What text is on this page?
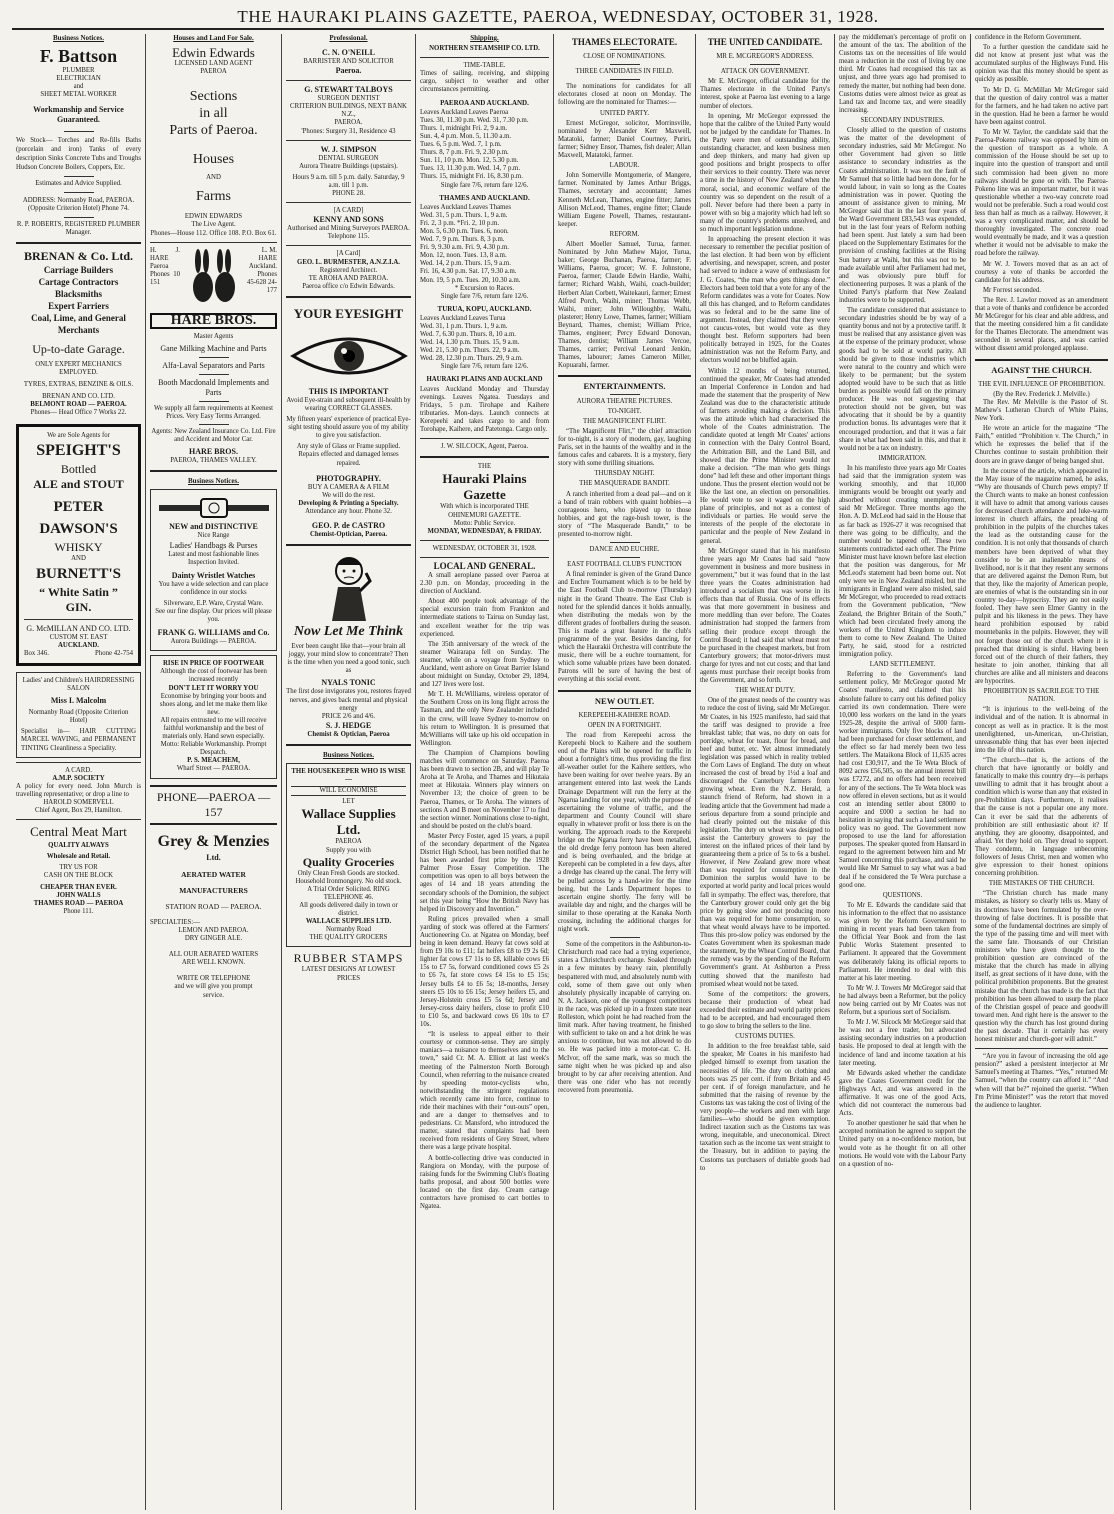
THE HAURAKI PLAINS GAZETTE, PAEROA, WEDNESDAY, OCTOBER 31, 1928.
Business Notices.
F. Battson
PLUMBER
ELECTRICIAN
and
SHEET METAL WORKER
Workmanship and Service Guaranteed.
We Stock— Torches and Re-fills Baths (porcelain and iron) Tanks of every description Sinks Concrete Tubs and Troughs Hudson Concrete Boilers, Coppers, Etc.
Estimates and Advice Supplied.
ADDRESS: Normanby Road, PAEROA. (Opposite Criterion Hotel) Phone 74.
R. P. ROBERTS, REGISTERED PLUMBER Manager.
BRENAN & Co. Ltd.
Carriage Builders
Cartage Contractors
Blacksmiths
Expert Farriers
Coal, Lime, and General Merchants
Up-to-date Garage.
ONLY EXPERT MECHANICS EMPLOYED.
TYRES, EXTRAS, BENZINE & OILS.
BRENAN AND CO. LTD.
BELMONT ROAD — PAEROA.
Phones— Head Office 7 Works 22.
We are Sole Agents for
SPEIGHT'S
Bottled
ALE and STOUT
PETER
DAWSON'S
WHISKY
AND
BURNETT'S
“ White Satin ”
GIN.
G. McMILLAN AND CO. LTD.
CUSTOM ST. EAST
AUCKLAND.
Box 346.	Phone 42-754
Ladies' and Children's HAIRDRESSING SALON
Miss I. Malcolm
Normanby Road (Opposite Criterion Hotel)
Specialist in— HAIR CUTTING MARCEL WAVING, and PERMANENT TINTING Cleanliness a Speciality.
A CARD.
A.M.P. SOCIETY
A policy for every need. John Murch is travelling representative; or drop a line to
HAROLD SOMERVELL
Chief Agent, Box 29, Hamilton.
Central Meat Mart
QUALITY ALWAYS
Wholesale and Retail.
TRY US FOR
CASH ON THE BLOCK
CHEAPER THAN EVER.
JOHN WALLS
THAMES ROAD — PAEROA
Phone 111.
Houses and Land For Sale.
Edwin Edwards
LICENSED LAND AGENT
PAEROA
Sections
in all
Parts of Paeroa.
Houses
AND
Farms
EDWIN EDWARDS
The Live Agent.
Phones—House 112. Office 108. P.O. Box 61.
H. J. HARE Paeroa Phones 10 151
L. M. HARE Auckland. Phones 45-628 24-177
HARE BROS.
Master Agents
Gane Milking Machine and Parts
Alfa-Laval Separators and Parts
Booth Macdonald Implements and Parts
We supply all farm requirements at Keenest Prices. Very Easy Terms Arranged.
Agents: New Zealand Insurance Co. Ltd. Fire and Accident and Motor Car.
HARE BROS.
PAEROA, THAMES VALLEY.
Business Notices.
NEW and DISTINCTIVE
Nice Range
Ladies' Handbags & Purses
Latest and most fashionable lines Inspection Invited.
Dainty Wristlet Watches
You have a wide selection and can place confidence in our stocks
Silverware, E.P. Ware, Crystal Ware.
See our fine display. Our prices will please you.
FRANK G. WILLIAMS and Co.
Aurora Buildings — PAEROA.
RISE IN PRICE OF FOOTWEAR
Although the cost of footwear has been increased recently
DON'T LET IT WORRY YOU
Economise by bringing your boots and shoes along, and let me make them like new.
All repairs entrusted to me will receive faithful workmanship and the best of materials only. Hand sewn especially.
Motto: Reliable Workmanship. Prompt Despatch.
P. S. MEACHEM,
Wharf Street — PAEROA.
PHONE—PAEROA —157
Grey & Menzies
Ltd.
AERATED WATER
MANUFACTURERS
STATION ROAD — PAEROA.
SPECIALTIES:—
LEMON AND PAEROA.
DRY GINGER ALE.
ALL OUR AERATED WATERS
ARE WELL KNOWN.
WRITE OR TELEPHONE
and we will give you prompt
service.
Professional.
C. N. O'NEILL
BARRISTER AND SOLICITOR
Paeroa.
G. STEWART TALBOYS
SURGEON DENTIST
CRITERION BUILDINGS, NEXT BANK N.Z.,
PAEROA.
'Phones: Surgery 31, Residence 43
W. J. SIMPSON
DENTAL SURGEON
Aurora Theatre Buildings (upstairs).
Hours 9 a.m. till 5 p.m. daily. Saturday, 9 a.m. till 1 p.m.
PHONE 28.
[A CARD]
KENNY AND SONS
Authorised and Mining Surveyors PAEROA.
Telephone 115.
[A Card]
GEO. L. BURMESTER, A.N.Z.I.A.
Registered Architect.
TE AROHA AND PAEROA.
Paeroa office c/o Edwin Edwards.
YOUR EYESIGHT
THIS IS IMPORTANT
Avoid Eye-strain and subsequent ill-health by wearing CORRECT GLASSES.
My fifteen years' experience of practical Eye-sight testing should assure you of my ability to give you satisfaction.
Any style of Glass or Frame supplied.
Repairs effected and damaged lenses repaired.
PHOTOGRAPHY.
BUY A CAMERA & A FILM
We will do the rest.
Developing & Printing a Specialty.
Attendance any hour. Phone 32.
GEO. P. de CASTRO
Chemist-Optician, Paeroa.
Now Let Me Think
Ever been caught like that—your brain all joggy, your mind slow to concentrate? Then is the time when you need a good tonic, such as
NYALS TONIC
The first dose invigorates you, restores frayed nerves, and gives back mental and physical energy
PRICE 2/6 and 4/6.
S. J. HEDGE
Chemist & Optician, Paeroa
Business Notices.
THE HOUSEKEEPER WHO IS WISE—
WILL ECONOMISE
LET
Wallace Supplies Ltd.
PAEROA
Supply you with
Quality Groceries
Only Clean Fresh Goods are stocked.
Household Ironmongery. No old stock.
A Trial Order Solicited. RING TELEPHONE 46.
All goods delivered daily in town or district.
WALLACE SUPPLIES LTD.
Normanby Road
THE QUALITY GROCERS
RUBBER STAMPS
LATEST DESIGNS AT LOWEST
PRICES
Shipping.
NORTHERN STEAMSHIP CO. LTD.
TIME-TABLE.
Times of sailing, receiving, and shipping cargo, subject to weather and other circumstances permitting.
PAEROA AND AUCKLAND.
Leaves Auckland Leaves Paeroa
Tues. 30, 11.30 p.m. Wed. 31, 7.30 p.m.
Thurs. 1, midnight Fri. 2, 9 a.m.
Sun. 4, 4 p.m. Mon. 5, 11.30 a.m.
Tues. 6, 5 p.m. Wed. 7, 1 p.m.
Thurs. 8, 7 p.m. Fri. 9, 2.30 p.m.
Sun. 11, 10 p.m. Mon. 12, 5.30 p.m.
Tues. 13, 11.30 p.m. Wed. 14, 7 p.m.
Thurs. 15, midnight Fri. 16, 8.30 p.m.
Single fare 7/6, return fare 12/6.
THAMES AND AUCKLAND.
Leaves Auckland Leaves Thames
Wed. 31, 5 p.m. Thurs. 1, 9 a.m.
Fri. 2, 3 p.m. *Fri. 2, 10 p.m.
Mon. 5, 6.30 p.m. Tues. 6, noon.
Wed. 7, 9 p.m. Thurs. 8, 3 p.m.
Fri. 9, 9.30 a.m. Fri. 9, 4.30 p.m.
Mon. 12, noon. Tues. 13, 8 a.m.
Wed. 14, 2 p.m. Thurs. 15, 9 a.m.
Fri. 16, 4.30 p.m. Sat. 17, 9.30 a.m.
Mon. 19, 5 p.m. Tues. 20, 10.30 a.m.
* Excursion to Races.
Single fare 7/6, return fare 12/6.
TURUA, KOPU, AUCKLAND.
Leaves Auckland Leaves Turua
Wed. 31, 1 p.m. Thurs. 1, 9 a.m.
Wed. 7, 6.30 p.m. Thurs. 8, 10 a.m.
Wed. 14, 1.30 p.m. Thurs. 15, 9 a.m.
Wed. 21, 5.30 p.m. Thurs. 22, 9 a.m.
Wed. 28, 12.30 p.m. Thurs. 29, 9 a.m.
Single fare 7/6, return fare 12/6.
HAURAKI PLAINS AND AUCKLAND
Leaves Auckland Monday and Thursday evenings. Leaves Ngatea. Tuesdays and Fridays, 5 p.m. Tirohape and Kaihere tributaries. Mon-days. Launch connects at Kerepeehi and takes cargo to and from Torohape, Kaihere, and Patetonga. Cargo only.
J. W. SILCOCK, Agent, Paeroa.
THE
Hauraki Plains Gazette
With which is incorporated THE OHINEMURI GAZETTE.
Motto: Public Service.
MONDAY, WEDNESDAY, & FRIDAY.
WEDNESDAY, OCTOBER 31, 1928.
LOCAL AND GENERAL.

A small aeroplane passed over Paeroa at 2.30 p.m. on Monday, proceeding in the direction of Auckland.

About 400 people took advantage of the special excursion train from Frankton and intermediate stations to Tairua on Sunday last, and excellent weather for the trip was experienced.

The 35th anniversary of the wreck of the steamer Wairarapa fell on Sunday. The steamer, while on a voyage from Sydney to Auckland, went ashore on Great Barrier Island about midnight on Sunday, October 29, 1894, and 127 lives were lost.

Mr T. H. McWilliams, wireless operator of the Southern Cross on its long flight across the Tasman, and the only New Zealander included in the crew, will leave Sydney to-morrow on his return to Wellington. It is presumed that McWilliams will take up his old occupation in Wellington.

The Champion of Champions bowling matches will commence on Saturday. Paeroa has been drawn to section 2B, and will play Te Aroha at Te Aroha, and Thames and Hikutaia meet at Hikutaia. Winners play winners on November 13; the choice of green to be Paeroa, Thames, or Te Aroha. The winners of sections A and B meet on November 17 to find the section winner. Nominations close to-night, and should be posted on the club's board.

Master Percy Foster, aged 15 years, a pupil of the secondary department of the Ngatea District High School, has been notified that he has been awarded first prize by the 1928 Palmer Prose Essay Competition. The competition was open to all boys between the ages of 14 and 18 years attending the secondary schools of the Dominion, the subject set this year being “How the British Navy has helped in Discovery and Invention.”

Ruling prices prevailed when a small yarding of stock was offered at the Farmers' Auctioneering Co. at Ngatea on Monday, beef being in keen demand. Heavy fat cows sold at from £9 10s to £11; fat heifers £8 to £9 2s 6d; lighter fat cows £7 11s to £8, killable cows £6 15s to £7 5s, forward conditioned cows £5 2s to £6 7s, fat store cows £4 15s to £5 15s; Jersey bulls £4 to £6 5s; 18-months, Jersey steers £5 10s to £6 15s; Jersey heifers £5, and Jersey-Holstein cross £5 5s 6d; Jersey and Jersey-cross dairy heifers, close to profit £10 to £10 5s, and backward cows £6 10s to £7 10s.

“It is useless to appeal either to their courtesy or common-sense. They are simply maniacs—a nuisance to themselves and to the town,” said Cr. M. A. Elliott at last week's meeting of the Palmerston North Borough Council, when referring to the nuisance created by speeding motor-cyclists who, notwithstanding the stringent regulations which recently came into force, continue to ride their machines with their “out-outs” open, and are a danger to themselves and to pedestrians. Cr. Mansford, who introduced the matter, stated that complaints had been received from residents of Grey Street, where there was a large private hospital.

A bottle-collecting drive was conducted in Rangiora on Monday, with the purpose of raising funds for the Swimming Club's floating baths proposal, and about 500 bottles were located on the first day. Cream cartage contractors have promised to cart bottles to Ngatea.

THAMES ELECTORATE.
CLOSE OF NOMINATIONS.
THREE CANDIDATES IN FIELD.

The nominations for candidates for all electorates closed at noon on Monday. The following are the nominated for Thames:—

UNITED PARTY.

Ernest McGregor, solicitor, Morrinsville, nominated by Alexander Kerr Maxwell, Matatoki, farmer; Daniel Courtney, Puriri, farmer; Sidney Ensor, Thames, fish dealer; Allan Maxwell, Matatoki, farmer.

LABOUR.

John Somerville Montgomerie, of Mangere, farmer. Nominated by James Arthur Briggs, Thames, secretary and accountant; James Kenneth McLean, Thames, engine fitter; James Allison McLeod, Thames, engine fitter; Claude William Eugene Powell, Thames, restaurant-keeper.

REFORM.

Albert Moeller Samuel, Turua, farmer. Nominated by John Mathew Major, Turua, baker; George Buchanan, Paeroa, farmer; F. Williams, Paeroa, grocer; W. F. Johnstone, Paeroa, farmer; Claude Edwin Hardie, Waihi, farmer; Richard Walsh, Waihi, coach-builder; Herbert Alan Corbett, Waitekauri, farmer; Ernest Alfred Porch, Waihi, miner; Thomas Webb, Waihi, miner; John Willoughby, Waihi, plasterer; Henry Lowe, Thames, farmer; William Beynard, Thames, chemist; William Price, Thames, engineer; Percy Edward Donovan, Thames, dentist; William James Vercoe, Thames, carrier; Percival Leonard Jenkin, Thames, labourer; James Cameron Miller, Kopuarahi, farmer.

ENTERTAINMENTS.
AURORA THEATRE PICTURES.
TO-NIGHT.
THE MAGNIFICENT FLIRT.

“The Magnificent Flirt,” the chief attraction for to-night, is a story of modern, gay, laughing Paris, set in the haunts of the wealthy and in the famous cafes and cabarets. It is a mystery, fiery story with some thrilling situations.

THURSDAY NIGHT.
THE MASQUERADE BANDIT.

A ranch inherited from a dead pal—and on it a band of train robbers with quaint hobbies—a courageous hero, who played up to those hobbies, and got the rage-bush tower, is the story of “The Masquerade Bandit,” to be presented to-morrow night.

DANCE AND EUCHRE.
EAST FOOTBALL CLUB'S FUNCTION

A final reminder is given of the Grand Dance and Euchre Tournament which is to be held by the East Football Club to-morrow (Thursday) night in the Grand Theatre. The East Club is noted for the splendid dances it holds annually, when distributing the medals won by the different grades of footballers during the season. This is made a great feature in the club's programme of the year. Besides dancing, for which the Haurakii Orchestra will contribute the music, there will be a euchre tournament, for which some valuable prizes have been donated. Patrons will be sure of having the best of everything at this social event.

NEW OUTLET.
KEREPEEHI-KAIHERE ROAD.
OPEN IN A FORTNIGHT.

The road from Kerepeehi across the Kerepeehi block to Kaihere and the southern end of the Plains will be opened for traffic in about a fortnight's time, thus providing the first all-weather outlet for the Kaihere settlers, who have been waiting for over twelve years. By an arrangement entered into last week the Lands Drainage Department will run the ferry at the Ngarua landing for one year, with the purpose of ascertaining the volume of traffic, and the department and County Council will share equally in whatever profit or loss there is on the working. The approach roads to the Kerepeehi bridge on the Ngarua ferry have been metalled, the old dredge ferry pontoon has been altered and is being overhauled, and the bridge at Kerepeehi can be completed in a few days, after a dredge has cleared up the canal. The ferry will be pulled across by a hand-wire for the time being, but the Lands Department hopes to ascertain engine shortly. The ferry will be available day and night, and the charges will be similar to those operating at the Kanaka North crossing, including the additional charges for night work.

Some of the competitors in the Ashburton-to-Christchurch road race had a trying experience, states a Christchurch exchange. Soaked through in a few minutes by heavy rain, plentifully bespattered with mud, and absolutely numb with cold, some of them gave out only when absolutely physically incapable of carrying on. N. A. Jackson, one of the youngest competitors in the race, was picked up in a frozen state near Rolleston, which point he had reached from the limit mark. After having treatment, he finished with sufficient to take on and a hot drink he was anxious to continue, but was not allowed to do so. He was packed into a motor-car. C. H. McIvor, off the same mark, was so much the same night when he was picked up and also brought to by car after receiving attention. And there was one rider who has not recently recovered from pneumonia.

THE UNITED CANDIDATE.
MR E. MCGREGOR'S ADDRESS.
ATTACK ON GOVERNMENT.

Mr E. McGregor, official candidate for the Thames electorate in the United Party's interest, spoke at Paeroa last evening to a large number of electors.

In opening, Mr McGregor expressed the hope that the calibre of the United Party would not be judged by the candidate for Thames. In the Party were men of outstanding ability, outstanding character, and keen business men and deep thinkers, and many had given up good positions and bright prospects to offer their services to their country. There was never a time in the history of New Zealand when the moral, social, and economic welfare of the country was so dependent on the result of a poll. Never before had there been a party in power with so big a majority which had left so many of the country's problems unsolved, and so much important legislation undone.

In approaching the present election it was necessary to remember the peculiar position of the last election. It had been won by efficient advertising, and newspaper, screen, and poster had served to induce a wave of enthusiasm for J. G. Coates, “the man who gets things done.” Electors had been told that a vote for any of the Reform candidates was a vote for Coates. Now all this has changed, and to Reform candidates was so federal and to be the same line of argument. Instead, they claimed that they were not caucus-votes, but would vote as they thought best. Reform supporters had been politically betrayed in 1925, for the Coates administration was not the Reform Party, and electors would not be bluffed again.

Within 12 months of being returned, continued the speaker, Mr Coates had attended an Imperial Conference in London and had made the statement that the prosperity of New Zealand was due to the characteristic attitude of farmers avoiding making a decision. This was the attitude which had characterised the whole of the Coates administration. The candidate quoted at length Mr Coates' actions in connection with the Dairy Control Board, the Arbitration Bill, and the Land Bill, and showed that the Prime Minister would not make a decision. “The man who gets things done” had left these and other important things undone. Thus the present election would not be like the last one, an election on personalities. He would vote to see it waged on the high plane of principles, and not as a contest of individuals or parties. He would serve the interests of the people of the electorate in particular and the people of New Zealand in general.

Mr McGregor stated that in his manifesto three years ago Mr Coates had said “now government in business and more business in government,” but it was found that in the last three years the Coates administration had introduced a socialism that was worse in its effects than that of Russia. One of its effects was that more government in business and more meddling than ever before. The Coates administration had stopped the farmers from selling their produce except through the Control Board; it had said that wheat must not be purchased in the cheapest markets, but from Canterbury growers; that motor-drivers must charge for tyres and not cut costs; and that land agents must purchase their receipt books from the Government, and so forth.

THE WHEAT DUTY.

One of the greatest needs of the country was to reduce the cost of living, said Mr McGregor. Mr Coates, in his 1925 manifesto, had said that the tariff was designed to provide a free breakfast table; that was, no duty on oats for porridge, wheat for toast, flour for bread, and beef and butter, etc. Yet almost immediately legislation was passed which in reality trebled the Corn Laws of England. The duty on wheat increased the cost of bread by 1½d a loaf and discouraged the Canterbury farmers from growing wheat. Even the N.Z. Herald, a staunch friend of Reform, had shown in a leading article that the Government had made a serious departure from a sound principle and had clearly pointed out the mistake of this legislation. The duty on wheat was designed to assist the Canterbury growers to pay the interest on the inflated prices of their land by guaranteeing them a price of 5s to 6s a bushel. However, if New Zealand grew more wheat than was required for consumption in the Dominion the surplus would have to be exported at world parity and local prices would fall in sympathy. The effect was, therefore, that the Canterbury grower could only get the big price by going slow and not producing more than was required for home consumption, so that wheat would always have to be imported. Thus this pro-slow policy was endorsed by the Coates Government when its spokesman made the statement, by the Wheat Control Board, that the remedy was by the spending of the Reform Government's grant. At Ashburton a Press cutting showed that the manifesto had promised wheat would not be taxed.

Some of the competitors: the growers, because their production of wheat had exceeded their estimate and world parity prices had to be accepted, and had encouraged them to go slow to bring the sellers to the line.

CUSTOMS DUTIES.

In addition to the free breakfast table, said the speaker, Mr Coates in his manifesto had pledged himself to exempt from taxation the necessities of life. The duty on clothing and boots was 25 per cent. if from Britain and 45 per cent. if of foreign manufacture, and he submitted that the raising of revenue by the Customs tax was taking the cost of living of the very people—the workers and men with large families—who should be given exemption. Indirect taxation such as the Customs tax was wrong, inequitable, and uneconomical. Direct taxation such as the income tax went straight to the Treasury, but in addition to paying the Customs tax purchasers of dutiable goods had to

pay the middleman's percentage of profit on the amount of the tax. The abolition of the Customs tax on the necessities of life would mean a reduction in the cost of living by one third. Mr Coates had recognised this tax as unjust, and three years ago had promised to remedy the matter, but nothing had been done. Customs duties were almost twice as great as Land tax and Income tax, and were steadily increasing.

SECONDARY INDUSTRIES.

Closely allied to the question of customs was the matter of the development of secondary industries, said Mr McGregor. No other Government had given so little assistance to secondary industries as the Coates administration. It was not the fault of Mr Samuel that so little had been done, for he would labour, in vain so long as the Coates administration was in power. Quoting the amount of assistance given to mining, Mr McGregor said that in the last four years of the Ward Government £83,543 was expended, but in the last four years of Reform nothing had been spent. Just lately a sum had been placed on the Supplementary Estimates for the provision of crushing facilities at the Rising Sun battery at Waihi, but this was not to be made available until after Parliament had met, and was obviously pure bluff for electioneering purposes. It was a plank of the United Party's platform that New Zealand industries were to be supported.

The candidate considered that assistance to secondary industries should be by way of a quantity bonus and not by a protective tariff. It must be realised that any assistance given was at the expense of the primary producer, whose goods had to be sold at world parity. All should be given to those industries which were natural to the country and which were likely to be permanent; but the system adopted would have to be such that as little burden as possible would fall on the primary producer. He was not suggesting that protection should not be given, but was advocating that it should be by a quantity production bonus. Its advantages were that it encouraged production, and that it was a fair share in what had been said in this, and that it would not be a tax on industry.

IMMIGRATION.

In his manifesto three years ago Mr Coates had said that the immigration system was working smoothly, and that 10,000 immigrants would be brought out yearly and absorbed without creating unemployment, said Mr McGregor. Three months ago the Hon. A. D. McLeod had said in the House that as far back as 1926-27 it was recognised that there was going to be difficulty, and the number would be tapered off. These two statements contradicted each other. The Prime Minister must have known before last election that the position was dangerous, for Mr McLeod's statement had been borne out. Not only were we in New Zealand misled, but the immigrants in England were also misled, said Mr McGregor, who proceeded to read extracts from the Government publication, “New Zealand, the Brighter Britain of the South,” which had been circulated freely among the workers of the United Kingdom to induce them to come to New Zealand. The United Party, he said, stood for a restricted immigration policy.

LAND SETTLEMENT.

Referring to the Government's land settlement policy, Mr McGregor quoted Mr Coates' manifesto, and claimed that his absolute failure to carry out his defined policy carried its own condemnation. There were 10,000 less workers on the land in the years 1925-28, despite the arrival of 5000 farm-worker immigrants. Only five blocks of land had been purchased for closer settlement, and the effect so far had merely been two less settlers. The Mataikona Block of 11,635 acres had cost £30,917, and the Te Weta Block of 8092 acres £56,505, so the annual interest bill was £7272, and no offers had been received for any of the sections. The Te Weta block was now offered in eleven sections, but as it would cost an intending settler about £8000 to acquire and £000 a section he had no hesitation in saying that such a land settlement policy was no good. The Government now proposed to use the land for afforestation purposes. The speaker quoted from Hansard in regard to the agreement between him and Mr Samuel concerning this purchase, and said he would like Mr Samuel to say what was a bad deal if he considered the Te Wera purchase a good one.

QUESTIONS.

To Mr E. Edwards the candidate said that his information to the effect that no assistance was given by the Reform Government to mining in recent years had been taken from the Official Year Book and from the last Public Works Statement presented to Parliament. It appeared that the Government was deliberately faking its official reports to Parliament. He intended to deal with this matter at his later meeting.

To Mr W. J. Towers Mr McGregor said that he had always been a Reformer, but the policy now being carried out by Mr Coates was not Reform, but a spurious sort of Socialism.

To Mr J. W. Silcock Mr McGregor said that he was not a free trader, but advocated assisting secondary industries on a production basis. He proposed to deal at length with the incidence of land and income taxation at his later meeting.

Mr Edwards asked whether the candidate gave the Coates Government credit for the Highways Act, and was answered in the affirmative. It was one of the good Acts, which did not counteract the numerous bad Acts.

To another questioner he said that when he accepted nomination he agreed to support the United party on a no-confidence motion, but would vote as he thought fit on all other motions. He would vote with the Labour Party on a question of no-

confidence in the Reform Government.

To a further question the candidate said he did not know at present just what was the accumulated surplus of the Highways Fund. His opinion was that this money should be spent as quickly as possible.

To Mr D. G. McMillan Mr McGregor said that the question of dairy control was a matter for the farmers, and he had taken no active part in the question. Had he been a farmer he would have been against control.

To Mr W. Taylor, the candidate said that the Paeroa-Pokeno railway was opposed by him on the question of transport as a whole. A commission of the House should be set up to inquire into the question of transport and until such commission had been given no more railways should be gone on with. The Paeroa-Pokeno line was an important matter, but it was questionable whether a two-way concrete road would not be preferable. Such a road would cost less than half as much as a railway. However, it was a very complicated matter, and should be thoroughly investigated. The concrete road would eventually be made, and it was a question whether it would not be advisable to make the road before the railway.

Mr W. J. Towers moved that as an act of courtesy a vote of thanks be accorded the candidate for his address.

Mr Forrest seconded.

The Rev. J. Lawlor moved as an amendment that a vote of thanks and confidence be accorded Mr McGregor for his clear and able address, and that the meeting considered him a fit candidate for the Thames Electorate. The amendment was seconded in several places, and was carried without dissent amid prolonged applause.

AGAINST THE CHURCH.
THE EVIL INFLUENCE OF PROHIBITION.
(By the Rev. Frederick J. Melville.)

The Rev. Mr Melville is the Pastor of St. Mathew's Lutheran Church of White Plains, New York.

He wrote an article for the magazine “The Faith,” entitled “Prohibition v. The Church,” in which he expresses the belief that if the Churches continue to sustain prohibition their doors are in grave danger of being banged shut.

In the course of the article, which appeared in the May issue of the magazine named, he asks, “Why are thousands of Church pews empty? If the Church wants to make an honest confession it will have to admit that among various causes for decreased church attendance and luke-warm interest in church affairs, the preaching of prohibition in the pulpits of the churches takes the lead as the outstanding cause for the condition. It is not only that thousands of church members have been deprived of what they consider to be an inalienable means of livelihood, nor is it that they resent any sermons that are delivered against the Demon Rum, but that they, like the majority of American people, are enemies of what is the outstanding sin in our country to-day—hypocrisy. They are not easily fooled. They have seen Elmer Gantry in the pulpit and his likeness in the pews. They have heard prohibition espoused by rabid mountebanks in the pulpits. However, they will not forget those out of the church where it is preached that drinking is sinful. Having been forced out of the church of their fathers, they hesitate to join another, thinking that all churches are alike and all ministers and deacons are hypocrites.

PROHIBITION IS SACRILEGE TO THE NATION.

“It is injurious to the well-being of the individual and of the nation. It is abnormal in concept as well as in practice. It is the most unenlightened, un-American, un-Christian, unreasonable thing that has ever been injected into the life of this nation.

“The church—that is, the actions of the church that have ignorantly or boldly and fanatically to make this country dry—is perhaps unwilling to admit that it has brought about a condition which is worse than any that existed in pre-Prohibition days. Furthermore, it realises that the cause is not a popular one any more. Can it ever be said that the adherents of prohibition are still enthusiastic about it? If anything, they are glooomy, disappointed, and afraid. Yet they hold on. They dread to support. They condemn, in language unbecoming followers of Jesus Christ, men and women who give expression to their honest opinions concerning prohibition.

THE MISTAKES OF THE CHURCH.

“The Christian church has made many mistakes, as history so clearly tells us. Many of its doctrines have been formulated by the over-throwing of false doctrines. It is possible that some of the fundamental doctrines are simply of the type of the passing time and will meet with the same fate. Thousands of our Christian ministers who have given thought to the prohibition question are convinced of the mistake that the church has made in allying itself, as great sections of it have done, with the political prohibition proponents. But the greatest mistake that the church has made is the fact that prohibition has been allowed to usurp the place of the Christian gospel of peace and goodwill toward men. And right here is the answer to the question why the church has lost ground during the past decade. That it certainly has every honest minister and church-goer will admit.”

“Are you in favour of increasing the old age pension?” asked a persistent interjector at Mr Samuel's meeting at Thames. “Yes,” returned Mr Samuel, “when the country can afford it.” “And when will that be?” rejoined the querist. “When I'm Prime Minister!” was the retort that moved the audience to laughter.
